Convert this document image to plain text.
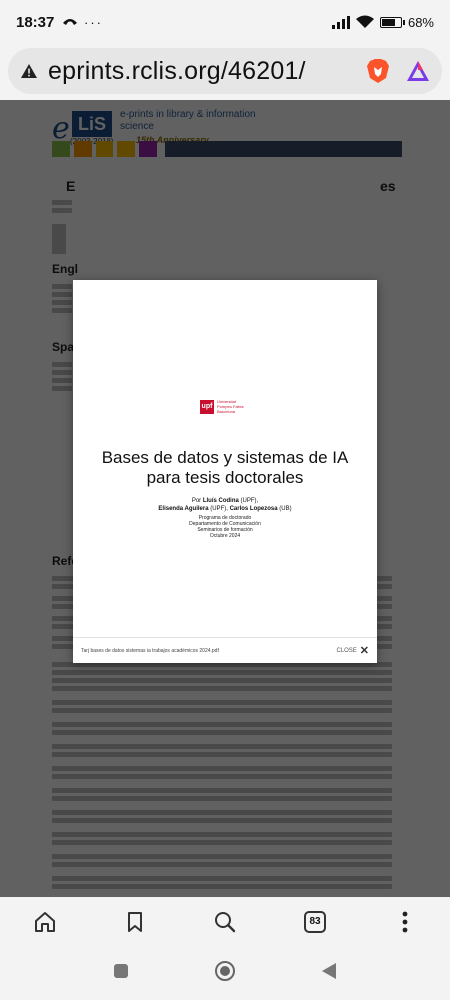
18:37	···	68%
eprints.rclis.org/46201/
upf
Universitat Pompeu Fabra Barcelona
Bases de datos y sistemas de IA para tesis doctorales
Por Lluís Codina (UPF),
Elisenda Aguilera (UPF), Carlos Lopezosa (UB)
Programa de doctorado
Departamento de Comunicación
Seminarios de formación
Octubre 2024
Tarj bases de datos sistemas ia trabajos académicos 2024.pdf	CLOSE ✕
83
